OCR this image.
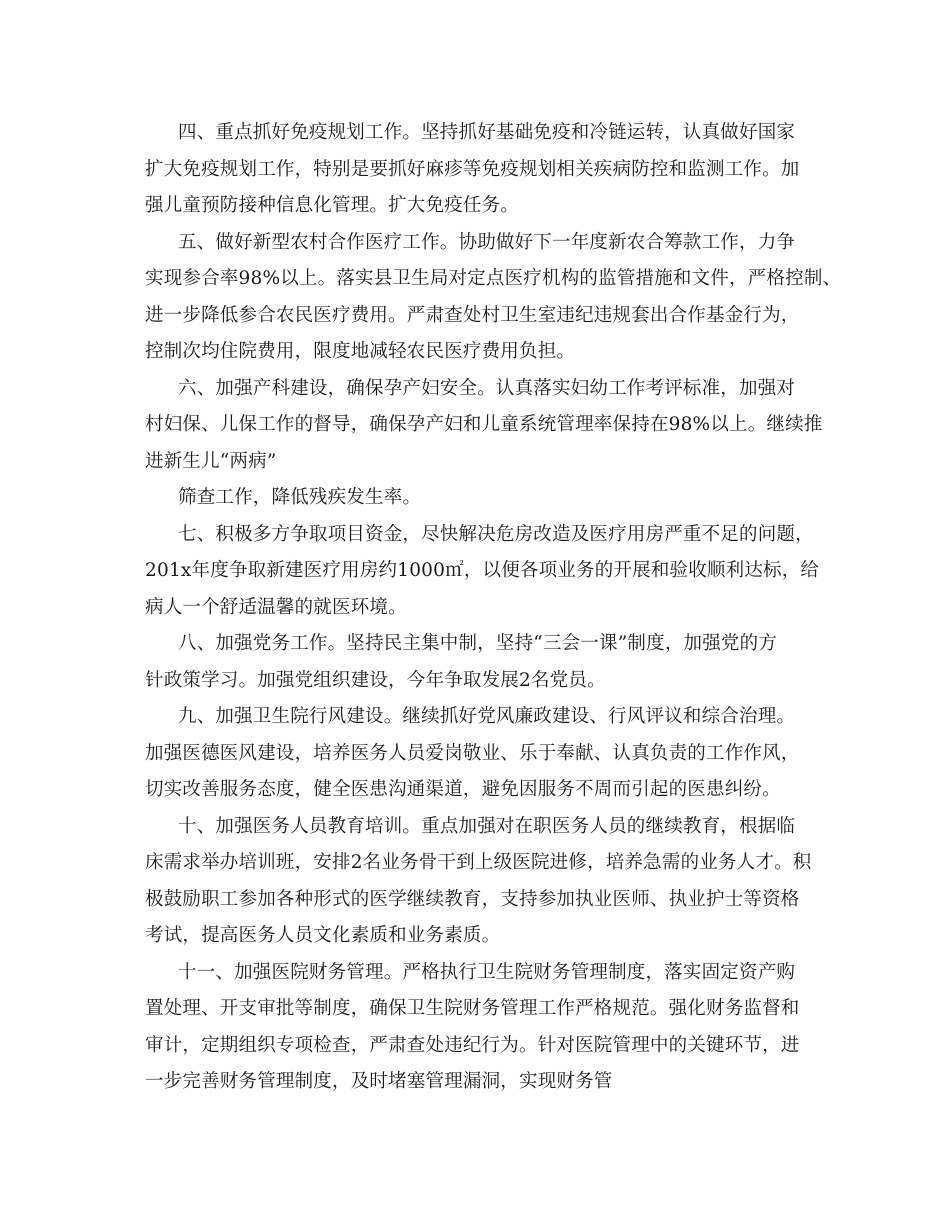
四、重点抓好免疫规划工作。坚持抓好基础免疫和冷链运转，认真做好国家
扩大免疫规划工作，特别是要抓好麻疹等免疫规划相关疾病防控和监测工作。加
强儿童预防接种信息化管理。扩大免疫任务。
五、做好新型农村合作医疗工作。协助做好下一年度新农合筹款工作，力争
实现参合率98%以上。落实县卫生局对定点医疗机构的监管措施和文件，严格控制、
进一步降低参合农民医疗费用。严肃查处村卫生室违纪违规套出合作基金行为，
控制次均住院费用，限度地减轻农民医疗费用负担。
六、加强产科建设，确保孕产妇安全。认真落实妇幼工作考评标准，加强对
村妇保、儿保工作的督导，确保孕产妇和儿童系统管理率保持在98%以上。继续推
进新生儿“两病”
筛查工作，降低残疾发生率。
七、积极多方争取项目资金，尽快解决危房改造及医疗用房严重不足的问题，
201x年度争取新建医疗用房约1000㎡，以便各项业务的开展和验收顺利达标，给
病人一个舒适温馨的就医环境。
八、加强党务工作。坚持民主集中制，坚持“三会一课”制度，加强党的方
针政策学习。加强党组织建设，今年争取发展2名党员。
九、加强卫生院行风建设。继续抓好党风廉政建设、行风评议和综合治理。
加强医德医风建设，培养医务人员爱岗敬业、乐于奉献、认真负责的工作作风，
切实改善服务态度，健全医患沟通渠道，避免因服务不周而引起的医患纠纷。
十、加强医务人员教育培训。重点加强对在职医务人员的继续教育，根据临
床需求举办培训班，安排2名业务骨干到上级医院进修，培养急需的业务人才。积
极鼓励职工参加各种形式的医学继续教育，支持参加执业医师、执业护士等资格
考试，提高医务人员文化素质和业务素质。
十一、加强医院财务管理。严格执行卫生院财务管理制度，落实固定资产购
置处理、开支审批等制度，确保卫生院财务管理工作严格规范。强化财务监督和
审计，定期组织专项检查，严肃查处违纪行为。针对医院管理中的关键环节，进
一步完善财务管理制度，及时堵塞管理漏洞，实现财务管
